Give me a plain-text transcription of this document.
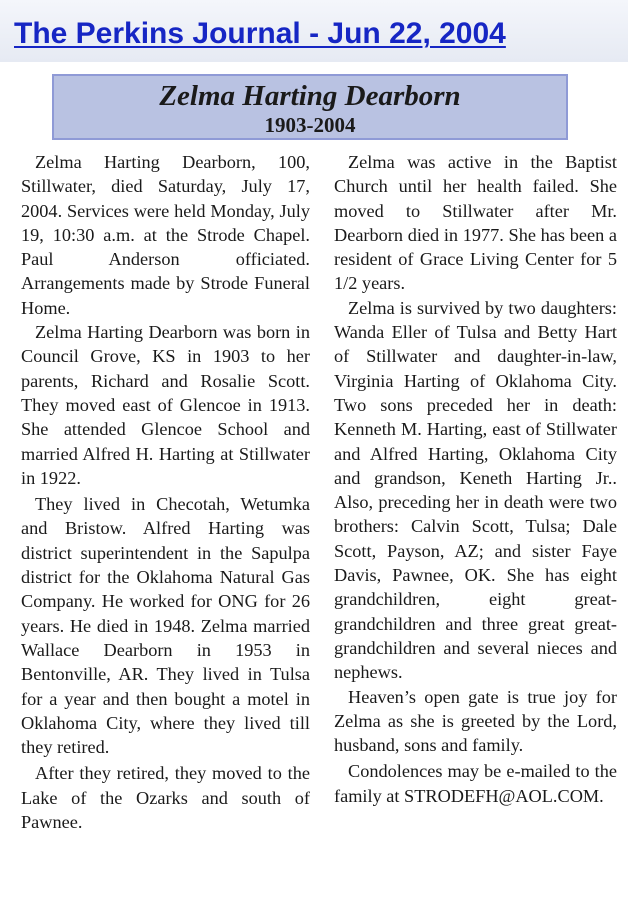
The Perkins Journal - Jun 22, 2004
Zelma Harting Dearborn
1903-2004

Zelma Harting Dearborn, 100, Stillwater, died Saturday, July 17, 2004. Services were held Monday, July 19, 10:30 a.m. at the Strode Chapel. Paul Anderson officiated. Arrangements made by Strode Funeral Home.

Zelma Harting Dearborn was born in Council Grove, KS in 1903 to her parents, Richard and Rosalie Scott. They moved east of Glencoe in 1913. She attended Glencoe School and married Alfred H. Harting at Stillwater in 1922.

They lived in Checotah, Wetumka and Bristow. Alfred Harting was district superintendent in the Sapulpa district for the Oklahoma Natural Gas Company. He worked for ONG for 26 years. He died in 1948. Zelma married Wallace Dearborn in 1953 in Bentonville, AR. They lived in Tulsa for a year and then bought a motel in Oklahoma City, where they lived till they retired.

After they retired, they moved to the Lake of the Ozarks and south of Pawnee.

Zelma was active in the Baptist Church until her health failed. She moved to Stillwater after Mr. Dearborn died in 1977. She has been a resident of Grace Living Center for 5 1/2 years.

Zelma is survived by two daughters: Wanda Eller of Tulsa and Betty Hart of Stillwater and daughter-in-law, Virginia Harting of Oklahoma City. Two sons preceded her in death: Kenneth M. Harting, east of Stillwater and Alfred Harting, Oklahoma City and grandson, Keneth Harting Jr.. Also, preceding her in death were two brothers: Calvin Scott, Tulsa; Dale Scott, Payson, AZ; and sister Faye Davis, Pawnee, OK. She has eight grandchildren, eight great-grandchildren and three great great-grandchildren and several nieces and nephews.

Heaven’s open gate is true joy for Zelma as she is greeted by the Lord, husband, sons and family.

Condolences may be e-mailed to the family at STRODEFH@AOL.COM.
